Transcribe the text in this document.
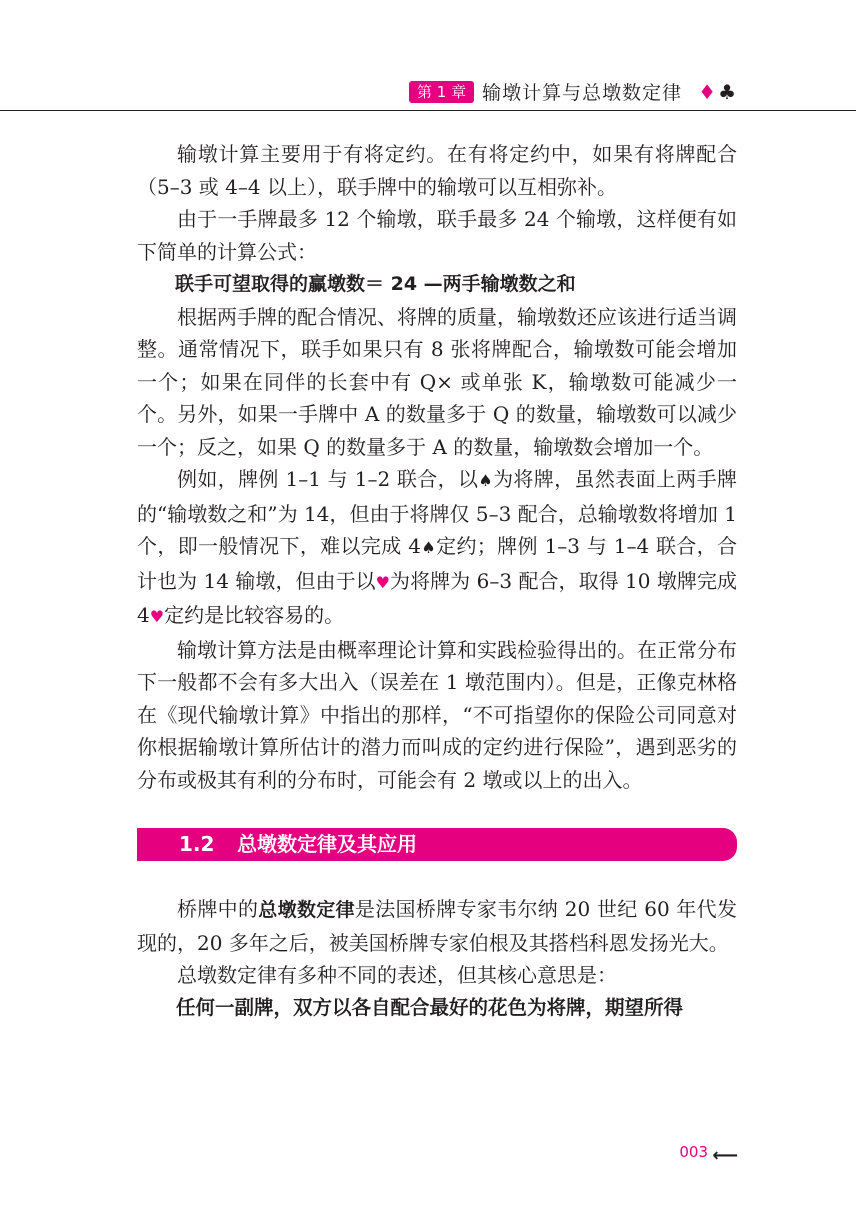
第 1 章 输墩计算与总墩数定律 ♦♣

输墩计算主要用于有将定约。在有将定约中，如果有将牌配合（5–3 或 4–4 以上），联手牌中的输墩可以互相弥补。

由于一手牌最多 12 个输墩，联手最多 24 个输墩，这样便有如下简单的计算公式：

联手可望取得的赢墩数＝ 24 —两手输墩数之和

根据两手牌的配合情况、将牌的质量，输墩数还应该进行适当调整。通常情况下，联手如果只有 8 张将牌配合，输墩数可能会增加一个；如果在同伴的长套中有 Q× 或单张 K，输墩数可能减少一个。另外，如果一手牌中 A 的数量多于 Q 的数量，输墩数可以减少一个；反之，如果 Q 的数量多于 A 的数量，输墩数会增加一个。

例如，牌例 1–1 与 1–2 联合，以♠为将牌，虽然表面上两手牌的“输墩数之和”为 14，但由于将牌仅 5–3 配合，总输墩数将增加 1 个，即一般情况下，难以完成 4♠定约；牌例 1–3 与 1–4 联合，合计也为 14 输墩，但由于以♥为将牌为 6–3 配合，取得 10 墩牌完成 4♥定约是比较容易的。

输墩计算方法是由概率理论计算和实践检验得出的。在正常分布下一般都不会有多大出入（误差在 1 墩范围内）。但是，正像克林格在《现代输墩计算》中指出的那样，“不可指望你的保险公司同意对你根据输墩计算所估计的潜力而叫成的定约进行保险”，遇到恶劣的分布或极其有利的分布时，可能会有 2 墩或以上的出入。

1.2 总墩数定律及其应用

桥牌中的总墩数定律是法国桥牌专家韦尔纳 20 世纪 60 年代发现的，20 多年之后，被美国桥牌专家伯根及其搭档科恩发扬光大。

总墩数定律有多种不同的表述，但其核心意思是：

任何一副牌，双方以各自配合最好的花色为将牌，期望所得

003 ⟵
